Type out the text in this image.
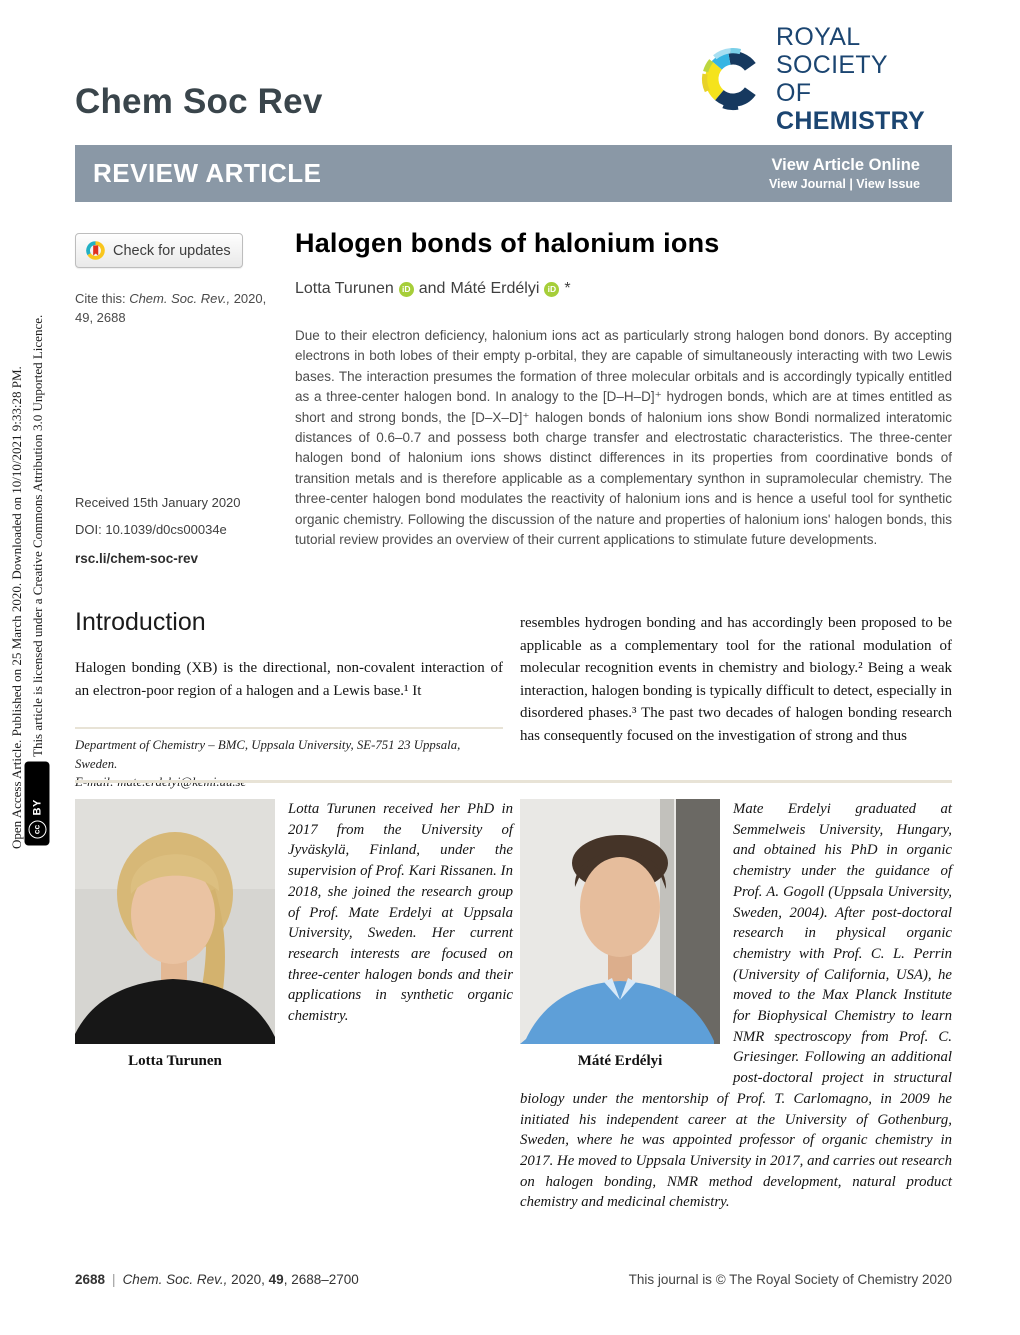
Open Access Article. Published on 25 March 2020. Downloaded on 10/10/2021 9:33:28 PM. This article is licensed under a Creative Commons Attribution 3.0 Unported Licence.
cc
BY
Chem Soc Rev
ROYAL SOCIETY
OF CHEMISTRY
REVIEW ARTICLE	View Article Online
View Journal | View Issue
Check for updates Halogen bonds of halonium ions
Lotta Turunen iD and Máté Erdélyi iD *
Cite this: Chem. Soc. Rev., 2020,
49, 2688
Due to their electron deficiency, halonium ions act as particularly strong halogen bond donors. By accepting electrons in both lobes of their empty p-orbital, they are capable of simultaneously interacting with two Lewis bases. The interaction presumes the formation of three molecular orbitals and is accordingly typically entitled as a three-center halogen bond. In analogy to the [D–H–D]⁺ hydrogen bonds, which are at times entitled as short and strong bonds, the [D–X–D]⁺ halogen bonds of halonium ions show Bondi normalized interatomic distances of 0.6–0.7 and possess both charge transfer and electrostatic characteristics. The three-center halogen bond of halonium ions shows distinct differences in its properties from coordinative bonds of transition metals and is therefore applicable as a complementary synthon in supramolecular chemistry. The three-center halogen bond modulates the reactivity of halonium ions and is hence a useful tool for synthetic organic chemistry. Following the discussion of the nature and properties of halonium ions' halogen bonds, this tutorial review provides an overview of their current applications to stimulate future developments.
Received 15th January 2020
DOI: 10.1039/d0cs00034e
rsc.li/chem-soc-rev
Introduction
Halogen bonding (XB) is the directional, non-covalent interaction of an electron-poor region of a halogen and a Lewis base.¹ It
resembles hydrogen bonding and has accordingly been proposed to be applicable as a complementary tool for the rational modulation of molecular recognition events in chemistry and biology.² Being a weak interaction, halogen bonding is typically difficult to detect, especially in disordered phases.³ The past two decades of halogen bonding research has consequently focused on the investigation of strong and thus
Department of Chemistry – BMC, Uppsala University, SE-751 23 Uppsala, Sweden.

Lotta Turunen
Lotta Turunen received her PhD in 2017 from the University of Jyväskylä, Finland, under the supervision of Prof. Kari Rissanen. In 2018, she joined the research group of Prof. Mate Erdelyi at Uppsala University, Sweden. Her current research interests are focused on three-center halogen bonds and their applications in synthetic organic chemistry.
Máté Erdélyi
Mate Erdelyi graduated at Semmelweis University, Hungary, and obtained his PhD in organic chemistry under the guidance of Prof. A. Gogoll (Uppsala University, Sweden, 2004). After post-doctoral research in physical organic chemistry with Prof. C. L. Perrin (University of California, USA), he moved to the Max Planck Institute for Biophysical Chemistry to learn NMR spectroscopy from Prof. C. Griesinger. Following an additional post-doctoral project in structural biology under the mentorship of Prof. T. Carlomagno, in 2009 he initiated his independent career at the University of Gothenburg, Sweden, where he was appointed professor of organic chemistry in 2017. He moved to Uppsala University in 2017, and carries out research on halogen bonding, NMR method development, natural product chemistry and medicinal chemistry.
2688 | Chem. Soc. Rev., 2020, 49, 2688–2700	This journal is © The Royal Society of Chemistry 2020
